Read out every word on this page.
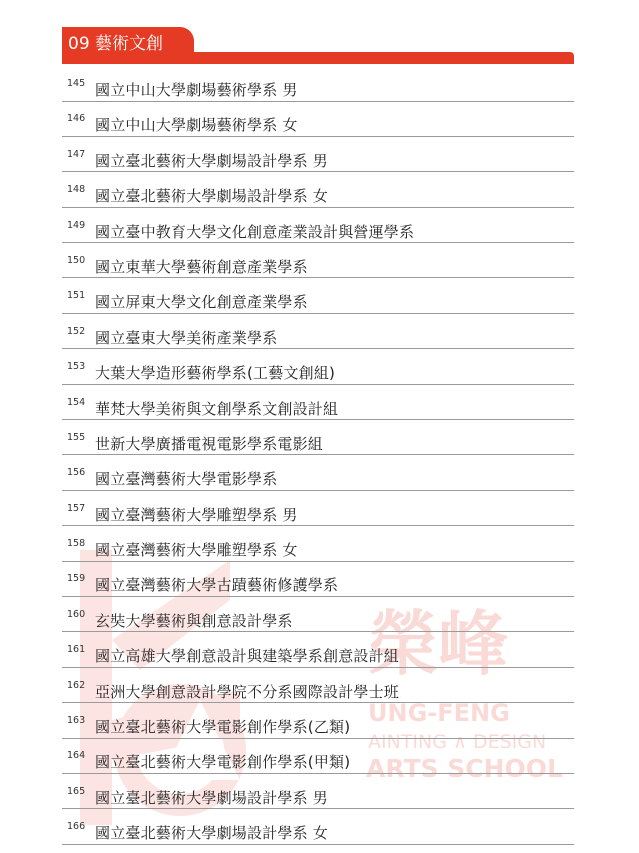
09 藝術文創
榮峰
UNG-FENG
AINTING ∧ DESIGN
ARTS SCHOOL
145 國立中山大學劇場藝術學系 男
146 國立中山大學劇場藝術學系 女
147 國立臺北藝術大學劇場設計學系 男
148 國立臺北藝術大學劇場設計學系 女
149 國立臺中教育大學文化創意產業設計與營運學系
150 國立東華大學藝術創意產業學系
151 國立屏東大學文化創意產業學系
152 國立臺東大學美術產業學系
153 大葉大學造形藝術學系(工藝文創組)
154 華梵大學美術與文創學系文創設計組
155 世新大學廣播電視電影學系電影組
156 國立臺灣藝術大學電影學系
157 國立臺灣藝術大學雕塑學系 男
158 國立臺灣藝術大學雕塑學系 女
159 國立臺灣藝術大學古蹟藝術修護學系
160 玄奘大學藝術與創意設計學系
161 國立高雄大學創意設計與建築學系創意設計組
162 亞洲大學創意設計學院不分系國際設計學士班
163 國立臺北藝術大學電影創作學系(乙類)
164 國立臺北藝術大學電影創作學系(甲類)
165 國立臺北藝術大學劇場設計學系 男
166 國立臺北藝術大學劇場設計學系 女
